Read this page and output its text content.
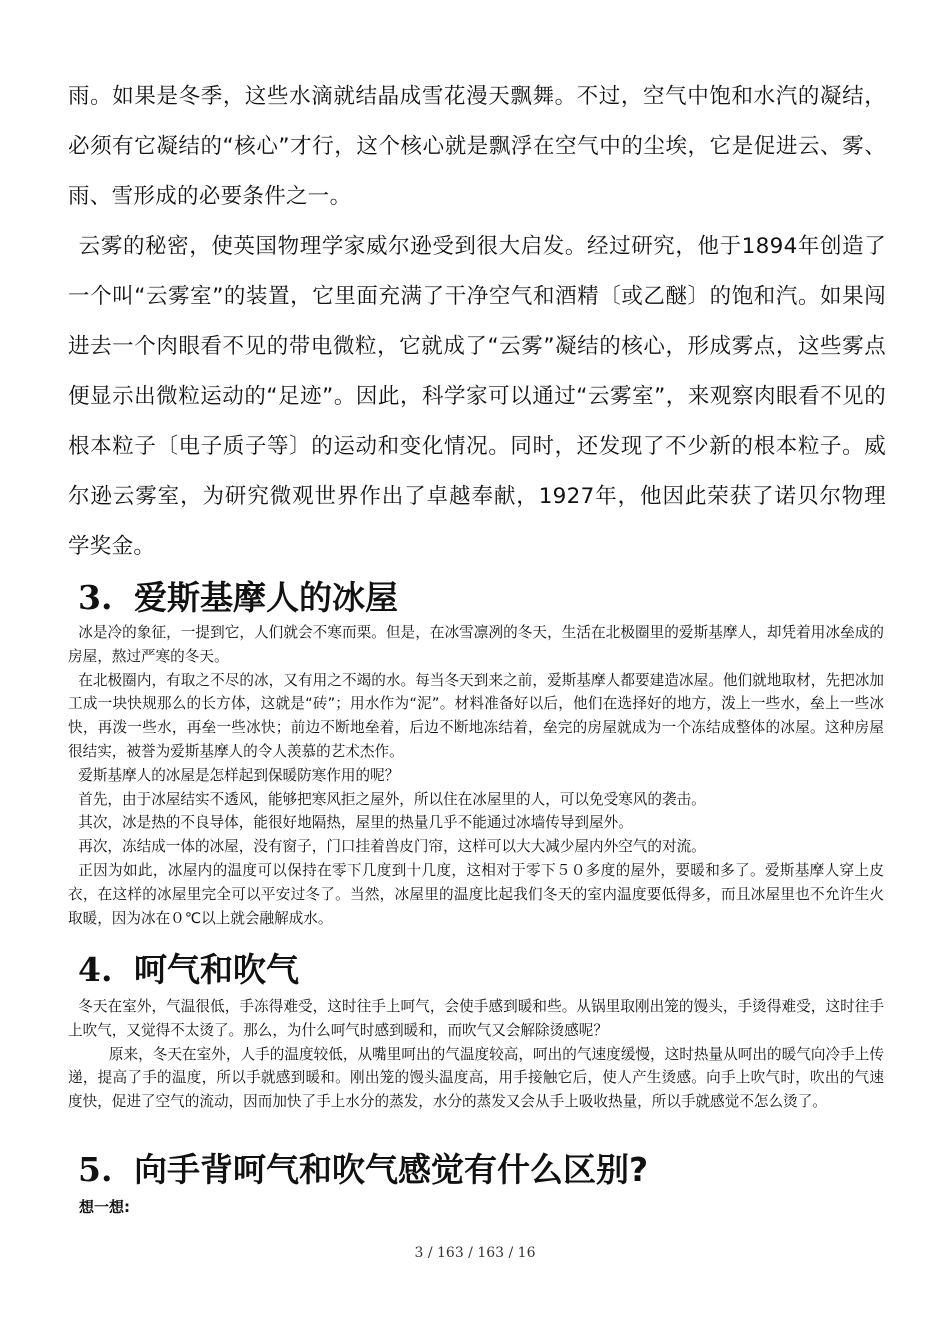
雨。如果是冬季，这些水滴就结晶成雪花漫天飘舞。不过，空气中饱和水汽的凝结，必须有它凝结的“核心”才行，这个核心就是飘浮在空气中的尘埃，它是促进云、雾、雨、雪形成的必要条件之一。

云雾的秘密，使英国物理学家威尔逊受到很大启发。经过研究，他于1894年创造了一个叫“云雾室”的装置，它里面充满了干净空气和酒精〔或乙醚〕的饱和汽。如果闯进去一个肉眼看不见的带电微粒，它就成了“云雾”凝结的核心，形成雾点，这些雾点便显示出微粒运动的“足迹”。因此，科学家可以通过“云雾室”，来观察肉眼看不见的根本粒子〔电子质子等〕的运动和变化情况。同时，还发现了不少新的根本粒子。威尔逊云雾室，为研究微观世界作出了卓越奉献，1927年，他因此荣获了诺贝尔物理学奖金。

3. 爱斯基摩人的冰屋

冰是冷的象征，一提到它，人们就会不寒而栗。但是，在冰雪凛冽的冬天，生活在北极圈里的爱斯基摩人，却凭着用冰垒成的房屋，熬过严寒的冬天。

在北极圈内，有取之不尽的冰，又有用之不竭的水。每当冬天到来之前，爱斯基摩人都要建造冰屋。他们就地取材，先把冰加工成一块快规那么的长方体，这就是“砖”；用水作为“泥”。材料准备好以后，他们在选择好的地方，泼上一些水，垒上一些冰快，再泼一些水，再垒一些冰快；前边不断地垒着，后边不断地冻结着，垒完的房屋就成为一个冻结成整体的冰屋。这种房屋很结实，被誉为爱斯基摩人的令人羡慕的艺术杰作。

爱斯基摩人的冰屋是怎样起到保暖防寒作用的呢？

首先，由于冰屋结实不透风，能够把寒风拒之屋外，所以住在冰屋里的人，可以免受寒风的袭击。

其次，冰是热的不良导体，能很好地隔热，屋里的热量几乎不能通过冰墙传导到屋外。

再次，冻结成一体的冰屋，没有窗子，门口挂着兽皮门帘，这样可以大大减少屋内外空气的对流。

正因为如此，冰屋内的温度可以保持在零下几度到十几度，这相对于零下５０多度的屋外，要暖和多了。爱斯基摩人穿上皮衣，在这样的冰屋里完全可以平安过冬了。当然，冰屋里的温度比起我们冬天的室内温度要低得多，而且冰屋里也不允许生火取暖，因为冰在０℃以上就会融解成水。

4. 呵气和吹气

冬天在室外，气温很低，手冻得难受，这时往手上呵气，会使手感到暖和些。从锅里取刚出笼的馒头，手烫得难受，这时往手上吹气，又觉得不太烫了。那么，为什么呵气时感到暖和，而吹气又会解除烫感呢？

原来，冬天在室外，人手的温度较低，从嘴里呵出的气温度较高，呵出的气速度缓慢，这时热量从呵出的暖气向冷手上传递，提高了手的温度，所以手就感到暖和。刚出笼的馒头温度高，用手接触它后，使人产生烫感。向手上吹气时，吹出的气速度快，促进了空气的流动，因而加快了手上水分的蒸发，水分的蒸发又会从手上吸收热量，所以手就感觉不怎么烫了。

5. 向手背呵气和吹气感觉有什么区别?

想一想:

3 / 163 / 163 / 16
